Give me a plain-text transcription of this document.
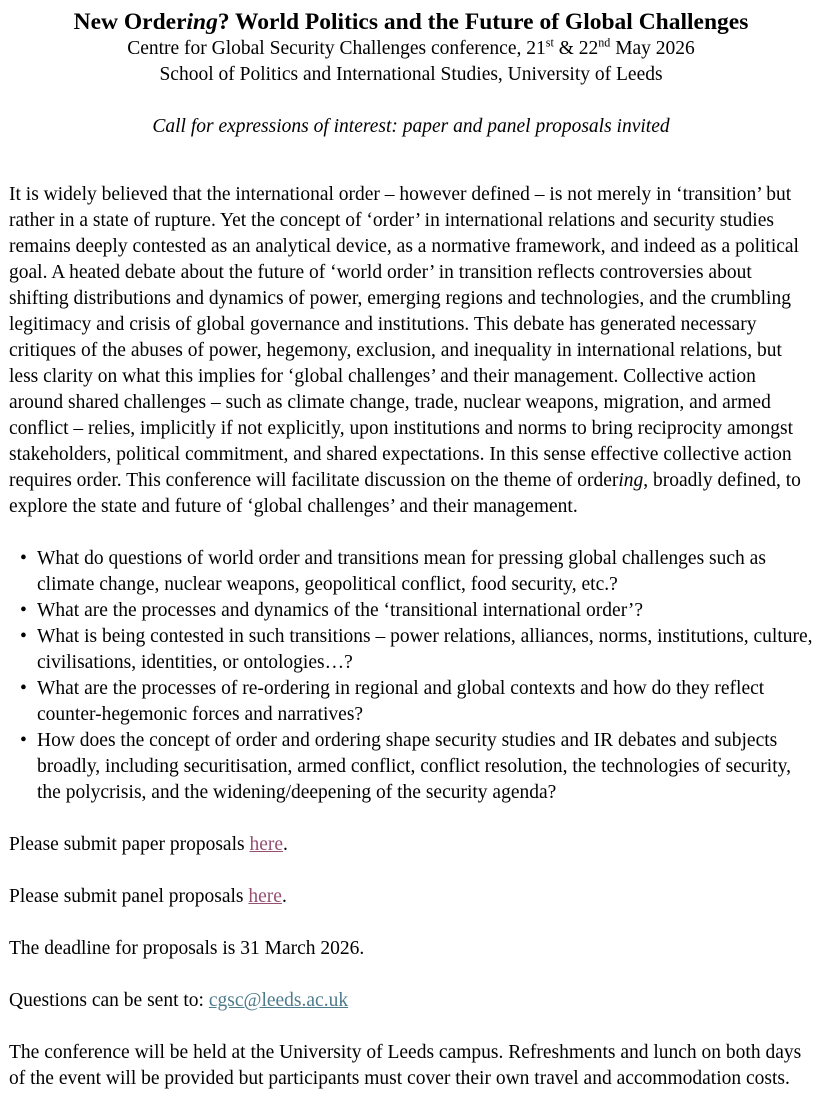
New Ordering? World Politics and the Future of Global Challenges
Centre for Global Security Challenges conference, 21st & 22nd May 2026
School of Politics and International Studies, University of Leeds
Call for expressions of interest: paper and panel proposals invited

It is widely believed that the international order – however defined – is not merely in ‘transition’ but rather in a state of rupture. Yet the concept of ‘order’ in international relations and security studies remains deeply contested as an analytical device, as a normative framework, and indeed as a political goal. A heated debate about the future of ‘world order’ in transition reflects controversies about shifting distributions and dynamics of power, emerging regions and technologies, and the crumbling legitimacy and crisis of global governance and institutions. This debate has generated necessary critiques of the abuses of power, hegemony, exclusion, and inequality in international relations, but less clarity on what this implies for ‘global challenges’ and their management. Collective action around shared challenges – such as climate change, trade, nuclear weapons, migration, and armed conflict – relies, implicitly if not explicitly, upon institutions and norms to bring reciprocity amongst stakeholders, political commitment, and shared expectations. In this sense effective collective action requires order. This conference will facilitate discussion on the theme of ordering, broadly defined, to explore the state and future of ‘global challenges’ and their management.

• What do questions of world order and transitions mean for pressing global challenges such as climate change, nuclear weapons, geopolitical conflict, food security, etc.?
• What are the processes and dynamics of the ‘transitional international order’?
• What is being contested in such transitions – power relations, alliances, norms, institutions, culture, civilisations, identities, or ontologies…?
• What are the processes of re-ordering in regional and global contexts and how do they reflect counter-hegemonic forces and narratives?
• How does the concept of order and ordering shape security studies and IR debates and subjects broadly, including securitisation, armed conflict, conflict resolution, the technologies of security, the polycrisis, and the widening/deepening of the security agenda?

Please submit paper proposals here.

Please submit panel proposals here.

The deadline for proposals is 31 March 2026.

Questions can be sent to: cgsc@leeds.ac.uk

The conference will be held at the University of Leeds campus. Refreshments and lunch on both days of the event will be provided but participants must cover their own travel and accommodation costs.
